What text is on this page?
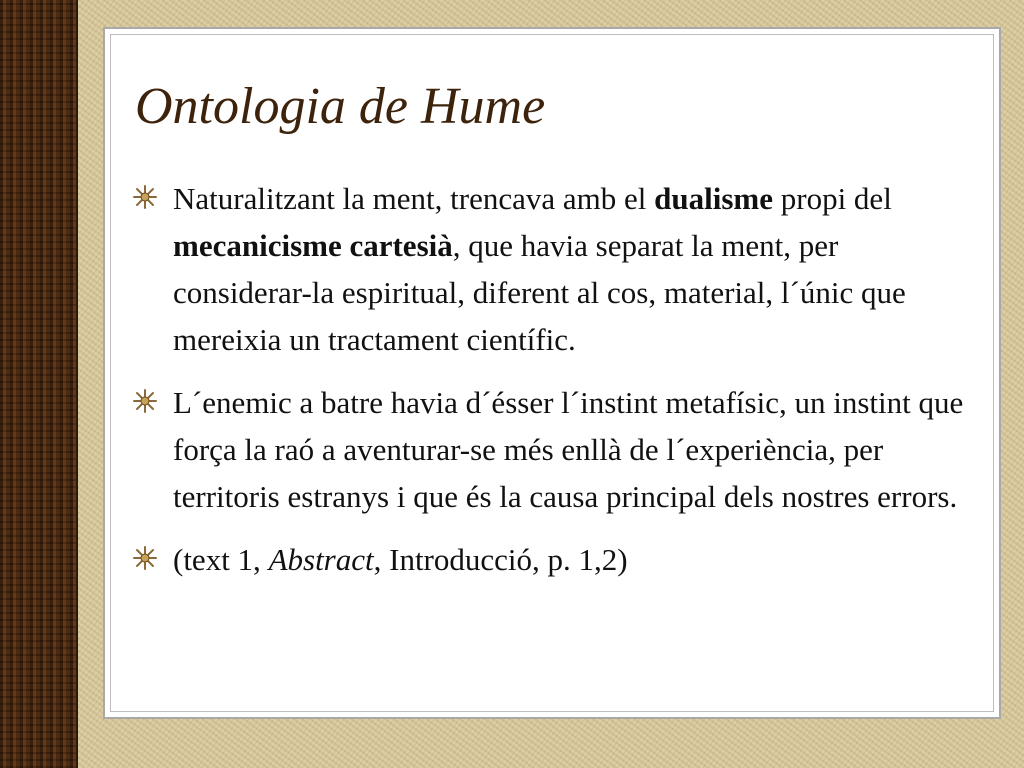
Ontologia de Hume
Naturalitzant la ment, trencava amb el dualisme propi del mecanicisme cartesià, que havia separat la ment, per considerar-la espiritual, diferent al cos, material, l´únic que mereixia un tractament científic.
L´enemic a batre havia d´ésser l´instint metafísic, un instint que força la raó a aventurar-se més enllà de l´experiència, per territoris estranys i que és la causa principal dels nostres errors.
(text 1, Abstract, Introducció, p. 1,2)
